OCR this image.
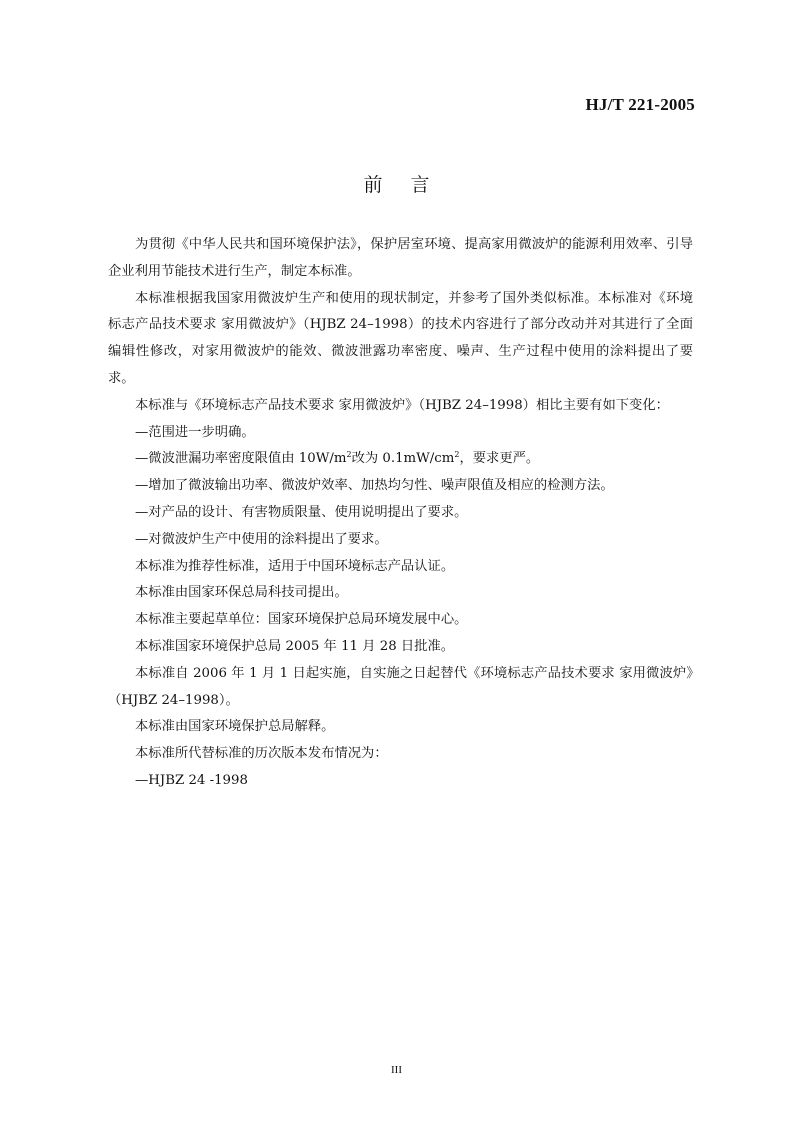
HJ/T 221-2005
前言

为贯彻《中华人民共和国环境保护法》，保护居室环境、提高家用微波炉的能源利用效率、引导企业利用节能技术进行生产，制定本标准。

本标准根据我国家用微波炉生产和使用的现状制定，并参考了国外类似标准。本标准对《环境标志产品技术要求 家用微波炉》（HJBZ 24–1998）的技术内容进行了部分改动并对其进行了全面编辑性修改，对家用微波炉的能效、微波泄露功率密度、噪声、生产过程中使用的涂料提出了要求。

本标准与《环境标志产品技术要求 家用微波炉》（HJBZ 24–1998）相比主要有如下变化：

—范围进一步明确。

—微波泄漏功率密度限值由 $10W/m^2$改为 $0.1mW/cm^2$，要求更严。

—增加了微波输出功率、微波炉效率、加热均匀性、噪声限值及相应的检测方法。

—对产品的设计、有害物质限量、使用说明提出了要求。

—对微波炉生产中使用的涂料提出了要求。

本标准为推荐性标准，适用于中国环境标志产品认证。

本标准由国家环保总局科技司提出。

本标准主要起草单位：国家环境保护总局环境发展中心。

本标准国家环境保护总局 2005 年 11 月 28 日批准。

本标准自 2006 年 1 月 1 日起实施，自实施之日起替代《环境标志产品技术要求 家用微波炉》（HJBZ 24–1998）。

本标准由国家环境保护总局解释。

本标准所代替标准的历次版本发布情况为：

—HJBZ 24 -1998

III
